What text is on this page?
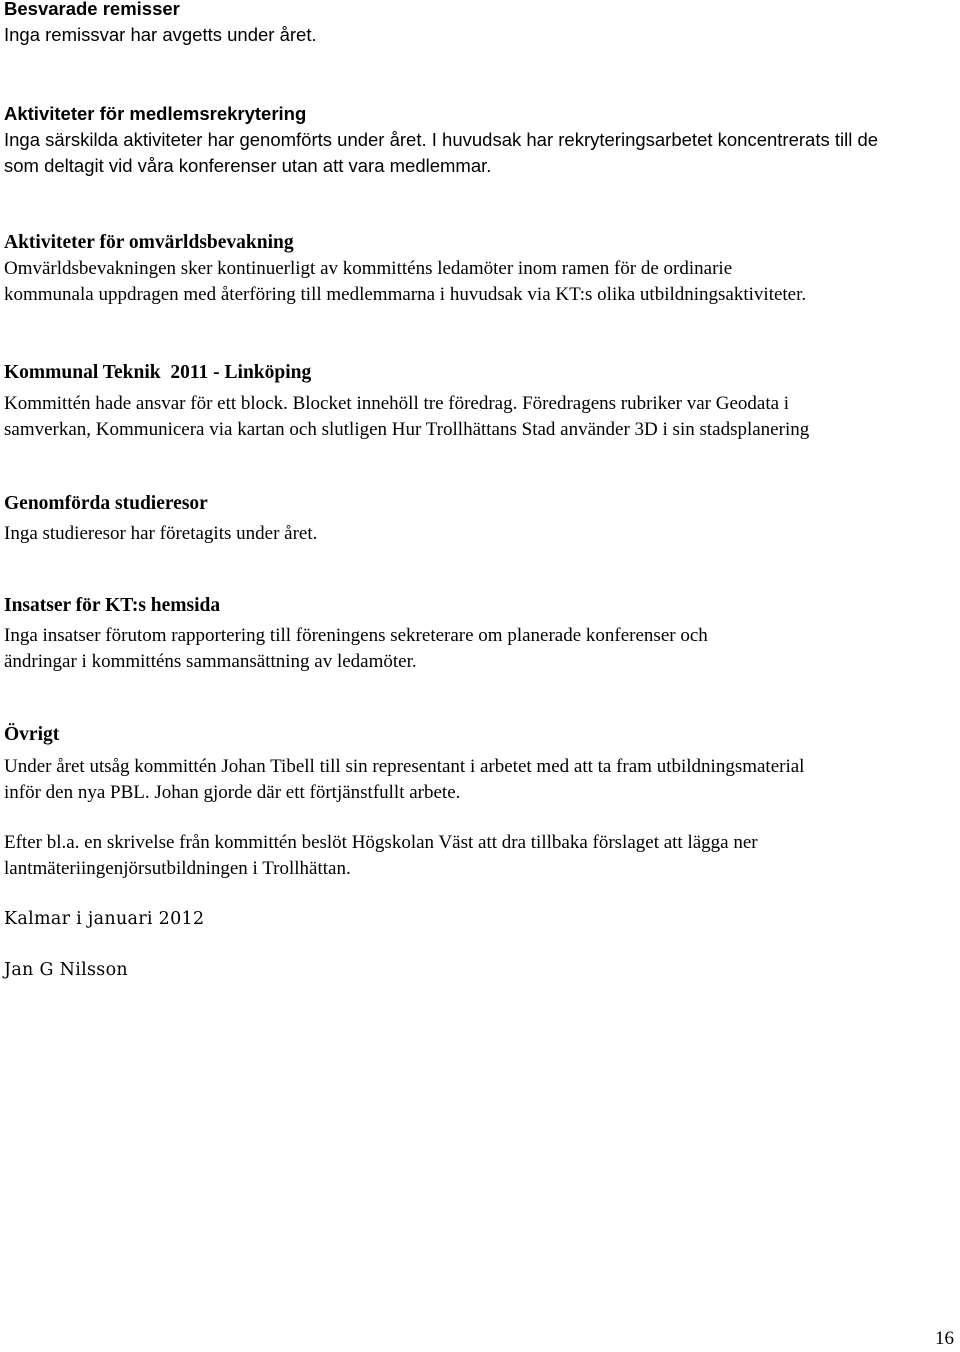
Besvarade remisser
Inga remissvar har avgetts under året.
Aktiviteter för medlemsrekrytering
Inga särskilda aktiviteter har genomförts under året. I huvudsak har rekryteringsarbetet koncentrerats till de
som deltagit vid våra konferenser utan att vara medlemmar.
Aktiviteter för omvärldsbevakning
Omvärldsbevakningen sker kontinuerligt av kommitténs ledamöter inom ramen för de ordinarie
kommunala uppdragen med återföring till medlemmarna i huvudsak via KT:s olika utbildningsaktiviteter.
Kommunal Teknik  2011 - Linköping
Kommittén hade ansvar för ett block. Blocket innehöll tre föredrag. Föredragens rubriker var Geodata i
samverkan, Kommunicera via kartan och slutligen Hur Trollhättans Stad använder 3D i sin stadsplanering
Genomförda studieresor
Inga studieresor har företagits under året.
Insatser för KT:s hemsida
Inga insatser förutom rapportering till föreningens sekreterare om planerade konferenser och
ändringar i kommitténs sammansättning av ledamöter.
Övrigt
Under året utsåg kommittén Johan Tibell till sin representant i arbetet med att ta fram utbildningsmaterial
inför den nya PBL. Johan gjorde där ett förtjänstfullt arbete.
Efter bl.a. en skrivelse från kommittén beslöt Högskolan Väst att dra tillbaka förslaget att lägga ner
lantmäteriingenjörsutbildningen i Trollhättan.
Kalmar i januari 2012
Jan G Nilsson
16
